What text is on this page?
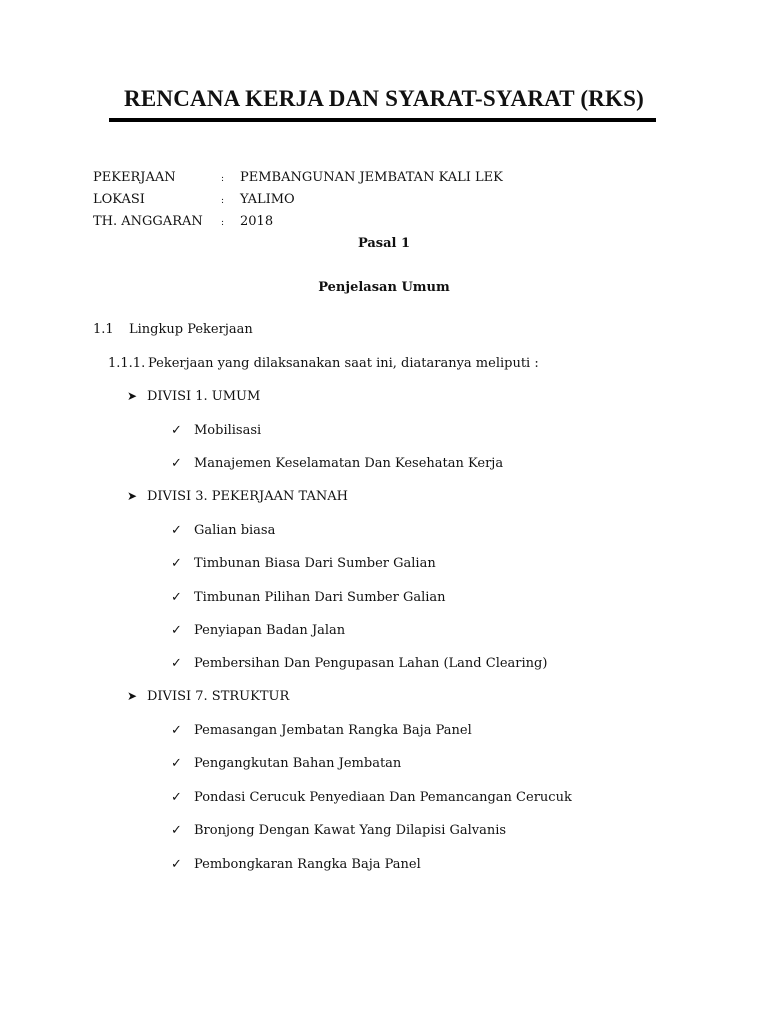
RENCANA KERJA DAN SYARAT-SYARAT (RKS)
PEKERJAAN	:	PEMBANGUNAN JEMBATAN KALI LEK
LOKASI	:	YALIMO
TH. ANGGARAN	:	2018
Pasal 1
Penjelasan Umum
1.1 Lingkup Pekerjaan
1.1.1. Pekerjaan yang dilaksanakan saat ini, diataranya meliputi :
➤ DIVISI 1. UMUM
✓ Mobilisasi
✓ Manajemen Keselamatan Dan Kesehatan Kerja
➤ DIVISI 3. PEKERJAAN TANAH
✓ Galian biasa
✓ Timbunan Biasa Dari Sumber Galian
✓ Timbunan Pilihan Dari Sumber Galian
✓ Penyiapan Badan Jalan
✓ Pembersihan Dan Pengupasan Lahan (Land Clearing)
➤ DIVISI 7. STRUKTUR
✓ Pemasangan Jembatan Rangka Baja Panel
✓ Pengangkutan Bahan Jembatan
✓ Pondasi Cerucuk Penyediaan Dan Pemancangan Cerucuk
✓ Bronjong Dengan Kawat Yang Dilapisi Galvanis
✓ Pembongkaran Rangka Baja Panel
